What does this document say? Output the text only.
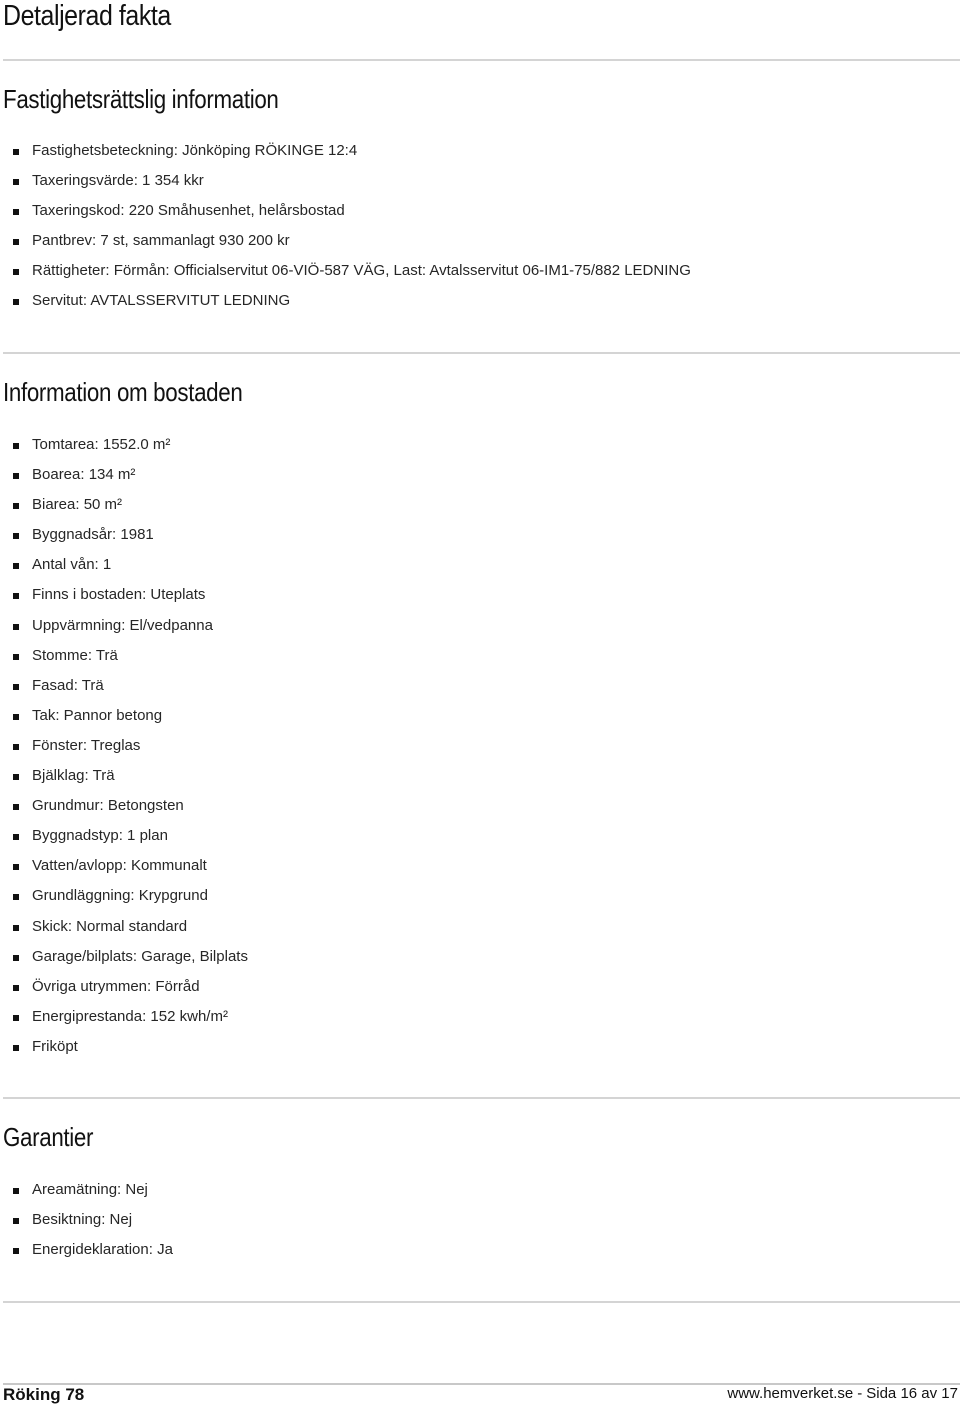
Detaljerad fakta
Fastighetsrättslig information
Fastighetsbeteckning: Jönköping RÖKINGE 12:4
Taxeringsvärde: 1 354 kkr
Taxeringskod: 220 Småhusenhet, helårsbostad
Pantbrev: 7 st, sammanlagt 930 200 kr
Rättigheter: Förmån: Officialservitut 06-VIÖ-587 VÄG, Last: Avtalsservitut 06-IM1-75/882 LEDNING
Servitut: AVTALSSERVITUT LEDNING
Information om bostaden
Tomtarea: 1552.0 m²
Boarea: 134 m²
Biarea: 50 m²
Byggnadsår: 1981
Antal vån: 1
Finns i bostaden: Uteplats
Uppvärmning: El/vedpanna
Stomme: Trä
Fasad: Trä
Tak: Pannor betong
Fönster: Treglas
Bjälklag: Trä
Grundmur: Betongsten
Byggnadstyp: 1 plan
Vatten/avlopp: Kommunalt
Grundläggning: Krypgrund
Skick: Normal standard
Garage/bilplats: Garage, Bilplats
Övriga utrymmen: Förråd
Energiprestanda: 152 kwh/m²
Friköpt
Garantier
Areamätning: Nej
Besiktning: Nej
Energideklaration: Ja
Röking 78	www.hemverket.se - Sida 16 av 17
